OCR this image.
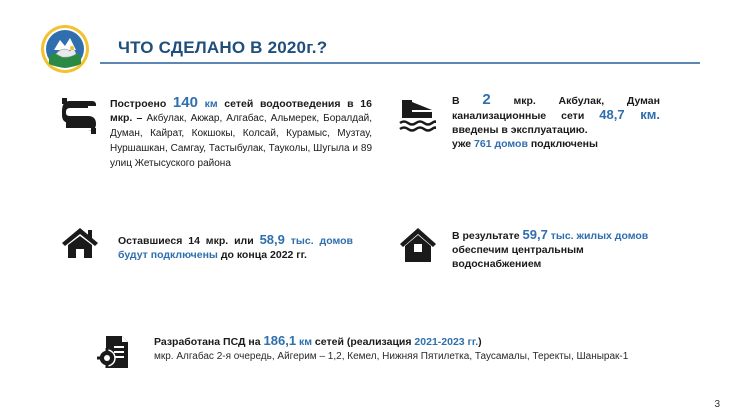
ЧТО СДЕЛАНО В 2020г.?
Построено 140 км сетей водоотведения в 16 мкр. – Акбулак, Акжар, Алгабас, Альмерек, Боралдай, Думан, Кайрат, Кокшокы, Колсай, Курамыс, Музтау, Нуршашкан, Самгау, Тастыбулак, Тауколы, Шугыла и 89 улиц Жетысуского района
В 2 мкр. Акбулак, Думан канализационные сети 48,7 км. введены в эксплуатацию.
уже 761 домов подключены
Оставшиеся 14 мкр. или 58,9 тыс. домов будут подключены до конца 2022 гг.
В результате 59,7 тыс. жилых домов обеспечим центральным водоснабжением
Разработана ПСД на 186,1 км сетей (реализация 2021-2023 гг.)
мкр. Алгабас 2-я очередь, Айгерим – 1,2, Кемел, Нижняя Пятилетка, Таусамалы, Теректы, Шанырак-1
3
